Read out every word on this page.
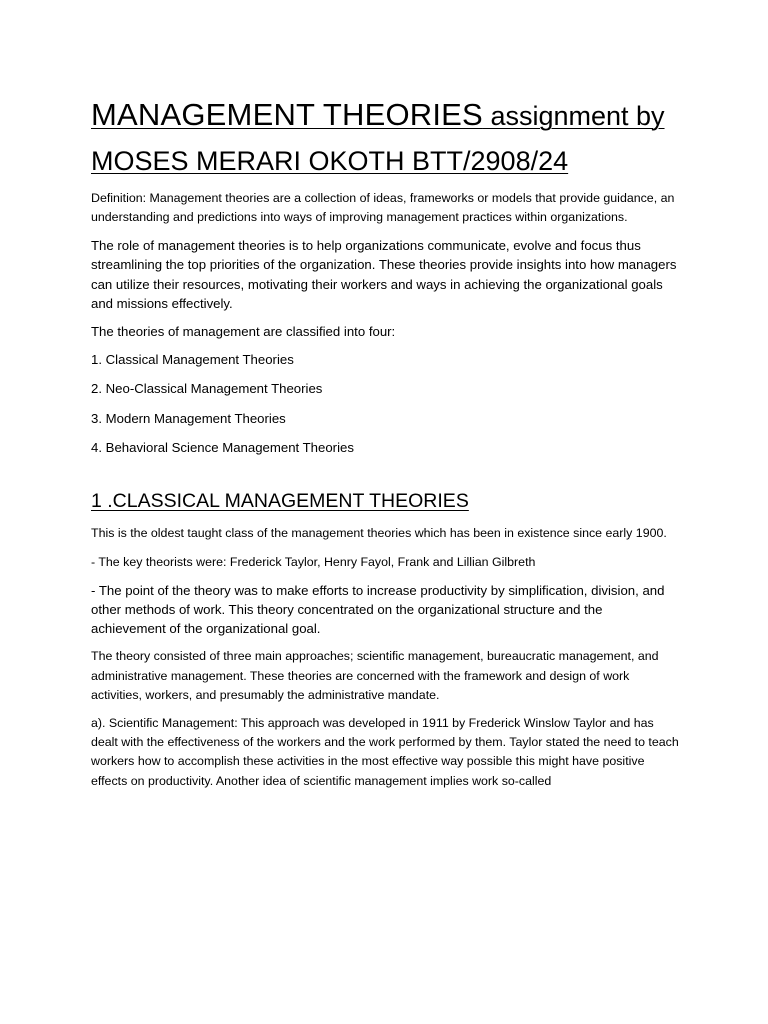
MANAGEMENT THEORIES assignment by
MOSES MERARI OKOTH BTT/2908/24

Definition: Management theories are a collection of ideas, frameworks or models that provide guidance, an understanding and predictions into ways of improving management practices within organizations.

The role of management theories is to help organizations communicate, evolve and focus thus streamlining the top priorities of the organization. These theories provide insights into how managers can utilize their resources, motivating their workers and ways in achieving the organizational goals and missions effectively.

The theories of management are classified into four:

1. Classical Management Theories

2. Neo-Classical Management Theories

3. Modern Management Theories

4. Behavioral Science Management Theories

1 .CLASSICAL MANAGEMENT THEORIES

This is the oldest taught class of the management theories which has been in existence since early 1900.

- The key theorists were: Frederick Taylor, Henry Fayol, Frank and Lillian Gilbreth

- The point of the theory was to make efforts to increase productivity by simplification, division, and other methods of work. This theory concentrated on the organizational structure and the achievement of the organizational goal.

The theory consisted of three main approaches; scientific management, bureaucratic management, and administrative management. These theories are concerned with the framework and design of work activities, workers, and presumably the administrative mandate.

a). Scientific Management: This approach was developed in 1911 by Frederick Winslow Taylor and has dealt with the effectiveness of the workers and the work performed by them. Taylor stated the need to teach workers how to accomplish these activities in the most effective way possible this might have positive effects on productivity. Another idea of scientific management implies work so-called
